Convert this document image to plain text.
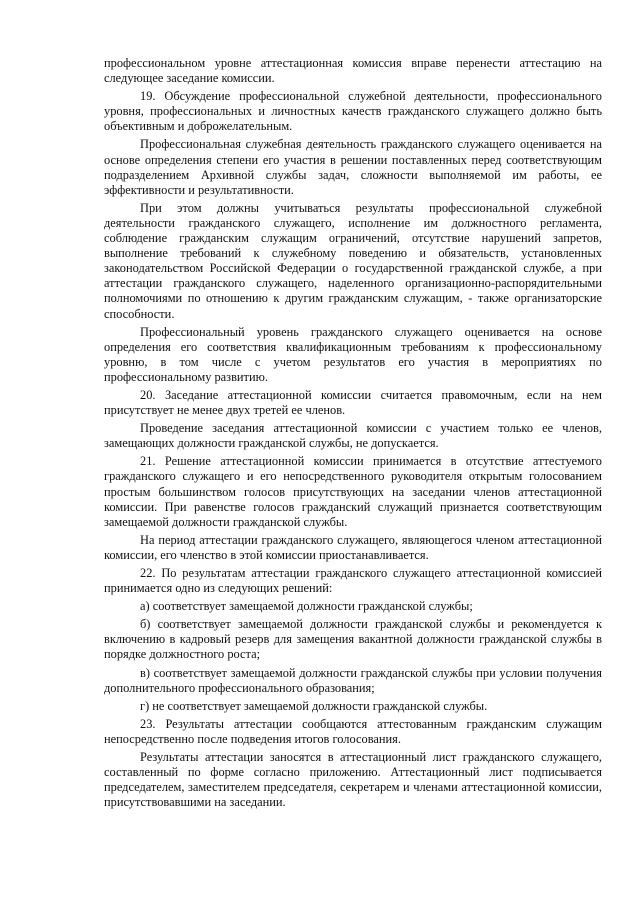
профессиональном уровне аттестационная комиссия вправе перенести аттестацию на следующее заседание комиссии.

19. Обсуждение профессиональной служебной деятельности, профессионального уровня, профессиональных и личностных качеств гражданского служащего должно быть объективным и доброжелательным.

Профессиональная служебная деятельность гражданского служащего оценивается на основе определения степени его участия в решении поставленных перед соответствующим подразделением Архивной службы задач, сложности выполняемой им работы, ее эффективности и результативности.

При этом должны учитываться результаты профессиональной служебной деятельности гражданского служащего, исполнение им должностного регламента, соблюдение гражданским служащим ограничений, отсутствие нарушений запретов, выполнение требований к служебному поведению и обязательств, установленных законодательством Российской Федерации о государственной гражданской службе, а при аттестации гражданского служащего, наделенного организационно-распорядительными полномочиями по отношению к другим гражданским служащим, - также организаторские способности.

Профессиональный уровень гражданского служащего оценивается на основе определения его соответствия квалификационным требованиям к профессиональному уровню, в том числе с учетом результатов его участия в мероприятиях по профессиональному развитию.

20. Заседание аттестационной комиссии считается правомочным, если на нем присутствует не менее двух третей ее членов.

Проведение заседания аттестационной комиссии с участием только ее членов, замещающих должности гражданской службы, не допускается.

21. Решение аттестационной комиссии принимается в отсутствие аттестуемого гражданского служащего и его непосредственного руководителя открытым голосованием простым большинством голосов присутствующих на заседании членов аттестационной комиссии. При равенстве голосов гражданский служащий признается соответствующим замещаемой должности гражданской службы.

На период аттестации гражданского служащего, являющегося членом аттестационной комиссии, его членство в этой комиссии приостанавливается.

22. По результатам аттестации гражданского служащего аттестационной комиссией принимается одно из следующих решений:

а) соответствует замещаемой должности гражданской службы;

б) соответствует замещаемой должности гражданской службы и рекомендуется к включению в кадровый резерв для замещения вакантной должности гражданской службы в порядке должностного роста;

в) соответствует замещаемой должности гражданской службы при условии получения дополнительного профессионального образования;

г) не соответствует замещаемой должности гражданской службы.

23. Результаты аттестации сообщаются аттестованным гражданским служащим непосредственно после подведения итогов голосования.

Результаты аттестации заносятся в аттестационный лист гражданского служащего, составленный по форме согласно приложению. Аттестационный лист подписывается председателем, заместителем председателя, секретарем и членами аттестационной комиссии, присутствовавшими на заседании.
